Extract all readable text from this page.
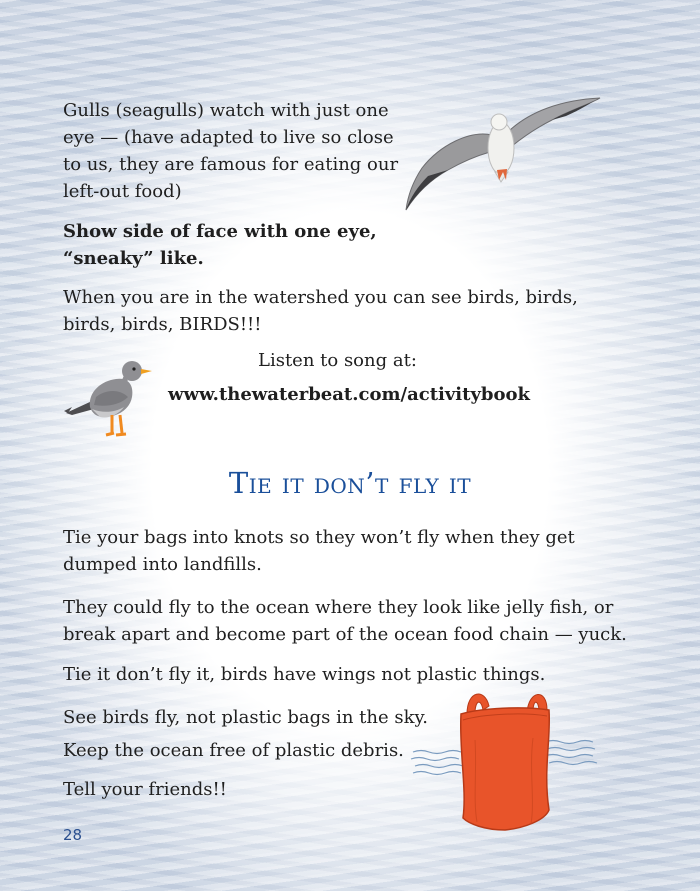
Gulls (seagulls) watch with just one eye — (have adapted to live so close to us, they are famous for eating our left-out food)

Show side of face with one eye, “sneaky” like.

When you are in the watershed you can see birds, birds, birds, birds, BIRDS!!!

Listen to song at:
www.thewaterbeat.com/activitybook
Tie it don’t fly it

Tie your bags into knots so they won’t fly when they get dumped into landfills.

They could fly to the ocean where they look like jelly fish, or break apart and become part of the ocean food chain — yuck.

Tie it don’t fly it, birds have wings not plastic things.

See birds fly, not plastic bags in the sky.

Keep the ocean free of plastic debris.

Tell your friends!!

28
